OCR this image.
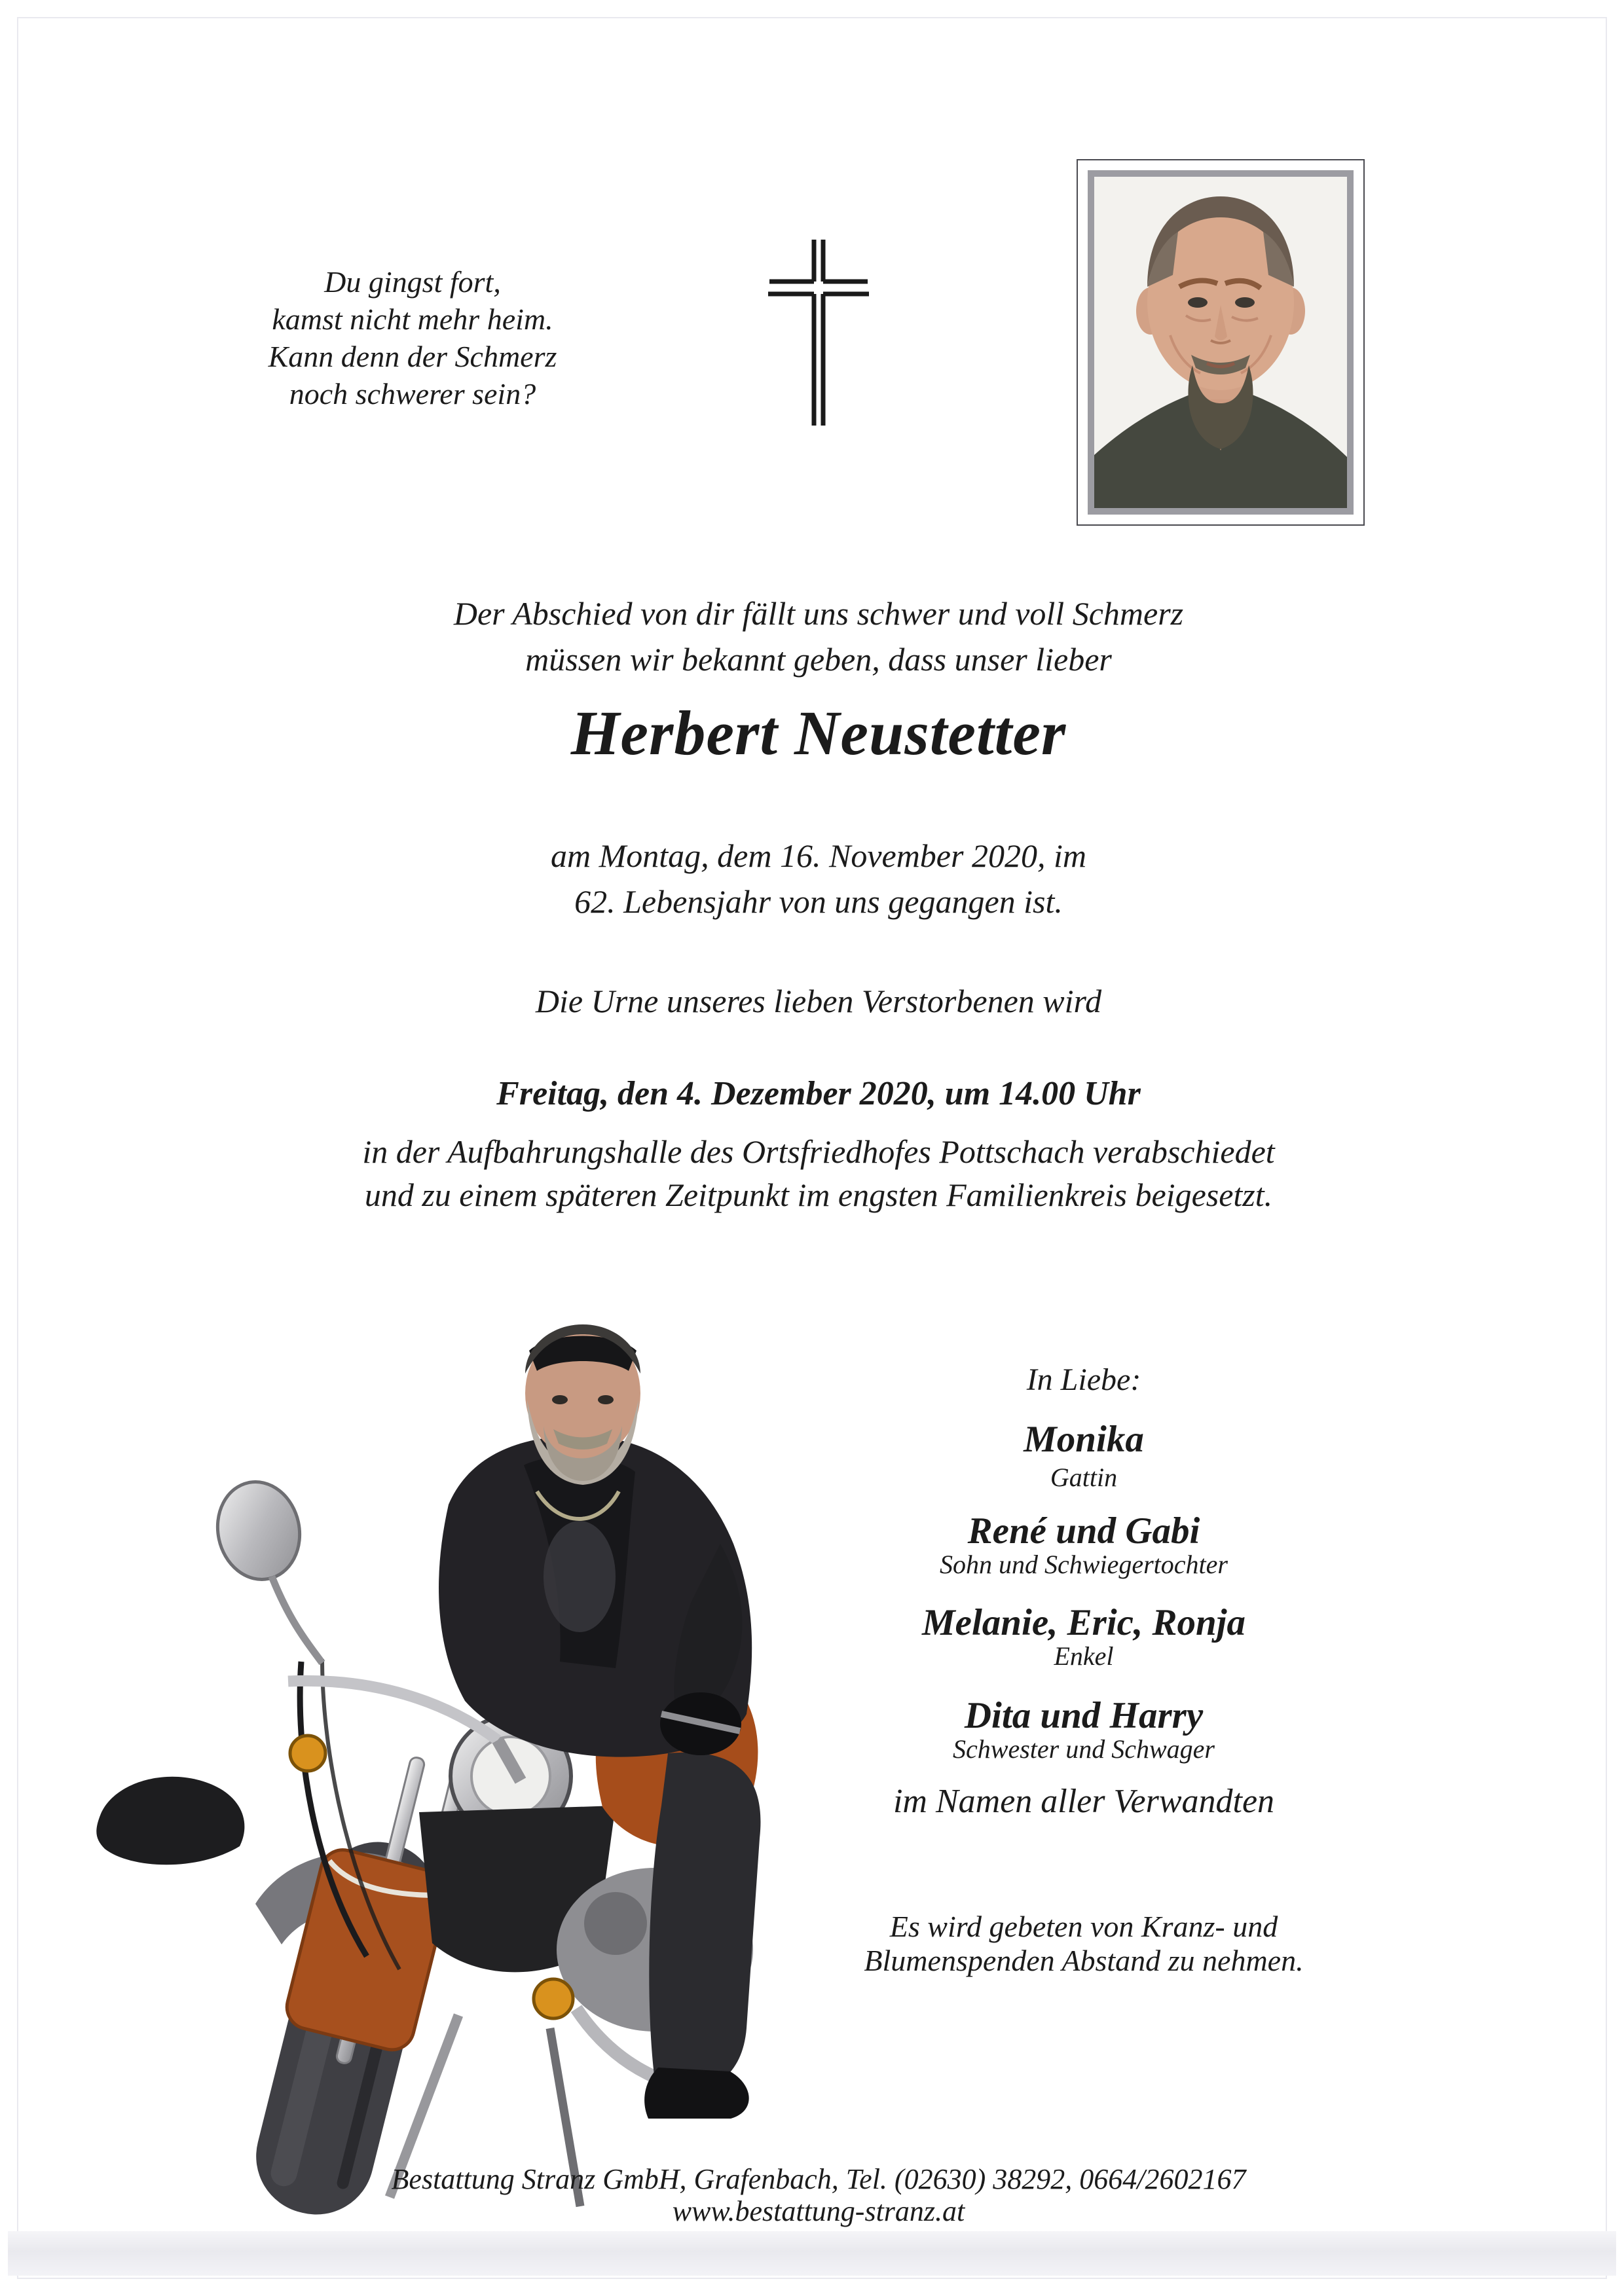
Du gingst fort,
kamst nicht mehr heim.
Kann denn der Schmerz
noch schwerer sein?
Der Abschied von dir fällt uns schwer und voll Schmerz
müssen wir bekannt geben, dass unser lieber
Herbert Neustetter
am Montag, dem 16. November 2020, im
62. Lebensjahr von uns gegangen ist.
Die Urne unseres lieben Verstorbenen wird
Freitag, den 4. Dezember 2020, um 14.00 Uhr
in der Aufbahrungshalle des Ortsfriedhofes Pottschach verabschiedet
und zu einem späteren Zeitpunkt im engsten Familienkreis beigesetzt.
In Liebe:
Monika
Gattin
René und Gabi
Sohn und Schwiegertochter
Melanie, Eric, Ronja
Enkel
Dita und Harry
Schwester und Schwager
im Namen aller Verwandten
Es wird gebeten von Kranz- und
Blumenspenden Abstand zu nehmen.
Bestattung Stranz GmbH, Grafenbach, Tel. (02630) 38292, 0664/2602167
www.bestattung-stranz.at
